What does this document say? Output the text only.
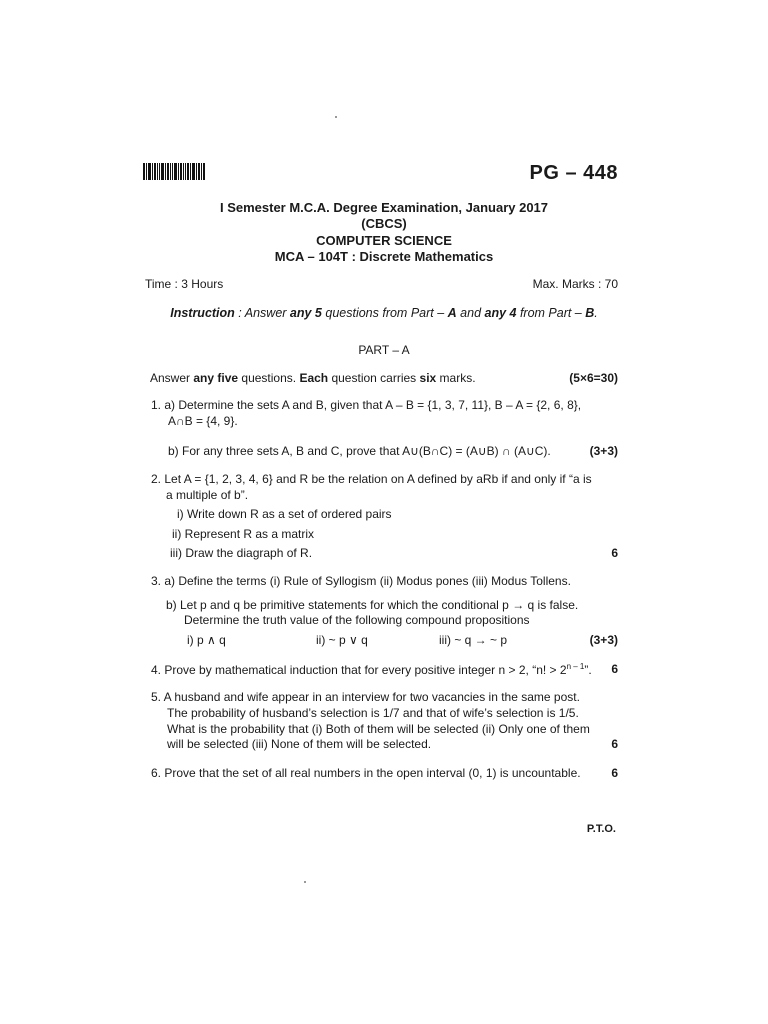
PG – 448
I Semester M.C.A. Degree Examination, January 2017
(CBCS)
COMPUTER SCIENCE
MCA – 104T : Discrete Mathematics
Time : 3 Hours	Max. Marks : 70
Instruction : Answer any 5 questions from Part – A and any 4 from Part – B.
PART – A
Answer any five questions. Each question carries six marks.	(5×6=30)
1. a) Determine the sets A and B, given that A – B = {1, 3, 7, 11}, B – A = {2, 6, 8},
A∩B = {4, 9}.
b) For any three sets A, B and C, prove that A∪(B∩C) = (A∪B) ∩ (A∪C).	(3+3)
2. Let A = {1, 2, 3, 4, 6} and R be the relation on A defined by aRb if and only if “a is
a multiple of b”.
i) Write down R as a set of ordered pairs
ii) Represent R as a matrix
iii) Draw the diagraph of R.	6
3. a) Define the terms (i) Rule of Syllogism (ii) Modus pones (iii) Modus Tollens.
b) Let p and q be primitive statements for which the conditional p → q is false.
Determine the truth value of the following compound propositions
i) p ∧ q	ii) ~ p ∨ q	iii) ~ q → ~ p	(3+3)
4. Prove by mathematical induction that for every positive integer n > 2, “n! > $2^{n - 1}$”. 6
5. A husband and wife appear in an interview for two vacancies in the same post.
The probability of husband’s selection is 1/7 and that of wife’s selection is 1/5.
What is the probability that (i) Both of them will be selected (ii) Only one of them
will be selected (iii) None of them will be selected.	6
6. Prove that the set of all real numbers in the open interval (0, 1) is uncountable.	6
P.T.O.
